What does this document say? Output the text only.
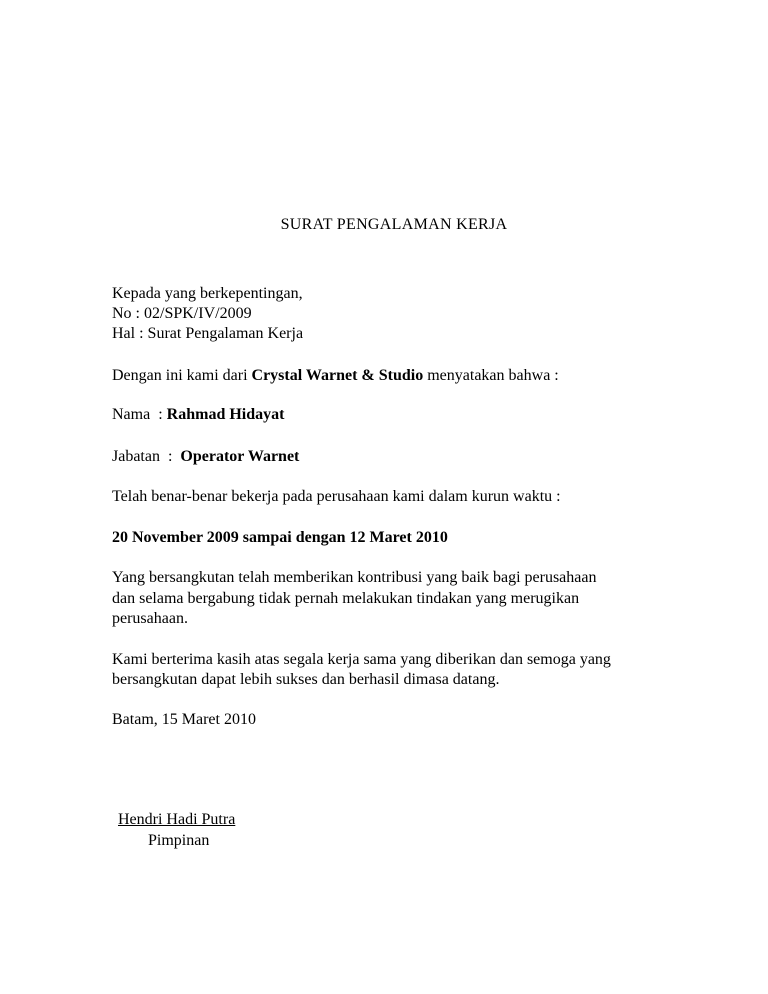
SURAT PENGALAMAN KERJA
Kepada yang berkepentingan,
No : 02/SPK/IV/2009
Hal : Surat Pengalaman Kerja
Dengan ini kami dari Crystal Warnet & Studio menyatakan bahwa :
Nama  : Rahmad Hidayat
Jabatan  :  Operator Warnet
Telah benar-benar bekerja pada perusahaan kami dalam kurun waktu :
20 November 2009 sampai dengan 12 Maret 2010
Yang bersangkutan telah memberikan kontribusi yang baik bagi perusahaan
dan selama bergabung tidak pernah melakukan tindakan yang merugikan
perusahaan.
Kami berterima kasih atas segala kerja sama yang diberikan dan semoga yang
bersangkutan dapat lebih sukses dan berhasil dimasa datang.
Batam, 15 Maret 2010
Hendri Hadi Putra
Pimpinan
